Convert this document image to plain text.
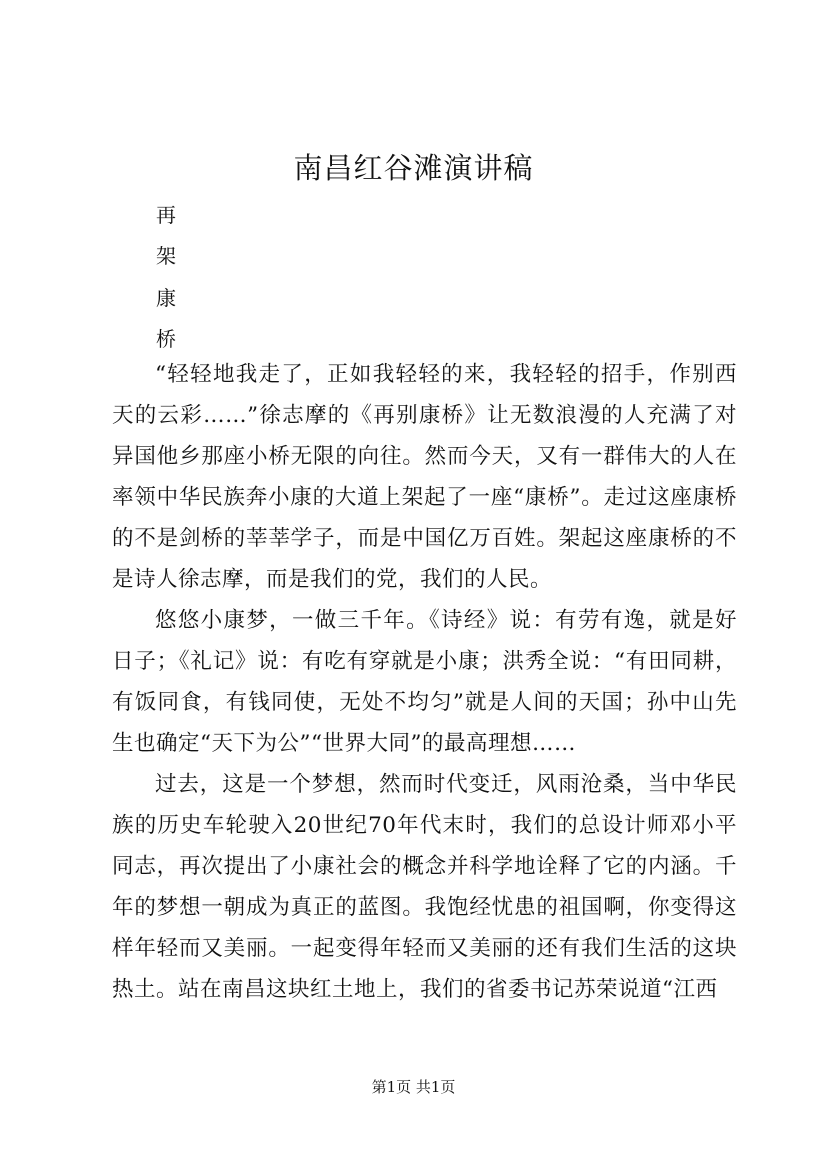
南昌红谷滩演讲稿
再
架
康
桥

“轻轻地我走了，正如我轻轻的来，我轻轻的招手，作别西天的云彩……”徐志摩的《再别康桥》让无数浪漫的人充满了对异国他乡那座小桥无限的向往。然而今天，又有一群伟大的人在率领中华民族奔小康的大道上架起了一座“康桥”。走过这座康桥的不是剑桥的莘莘学子，而是中国亿万百姓。架起这座康桥的不是诗人徐志摩，而是我们的党，我们的人民。

悠悠小康梦，一做三千年。《诗经》说：有劳有逸，就是好日子；《礼记》说：有吃有穿就是小康；洪秀全说：“有田同耕，有饭同食，有钱同使，无处不均匀”就是人间的天国；孙中山先生也确定“天下为公”“世界大同”的最高理想……

过去，这是一个梦想，然而时代变迁，风雨沧桑，当中华民族的历史车轮驶入20世纪70年代末时，我们的总设计师邓小平同志，再次提出了小康社会的概念并科学地诠释了它的内涵。千年的梦想一朝成为真正的蓝图。我饱经忧患的祖国啊，你变得这样年轻而又美丽。一起变得年轻而又美丽的还有我们生活的这块热土。站在南昌这块红土地上，我们的省委书记苏荣说道“江西

第1页 共1页
